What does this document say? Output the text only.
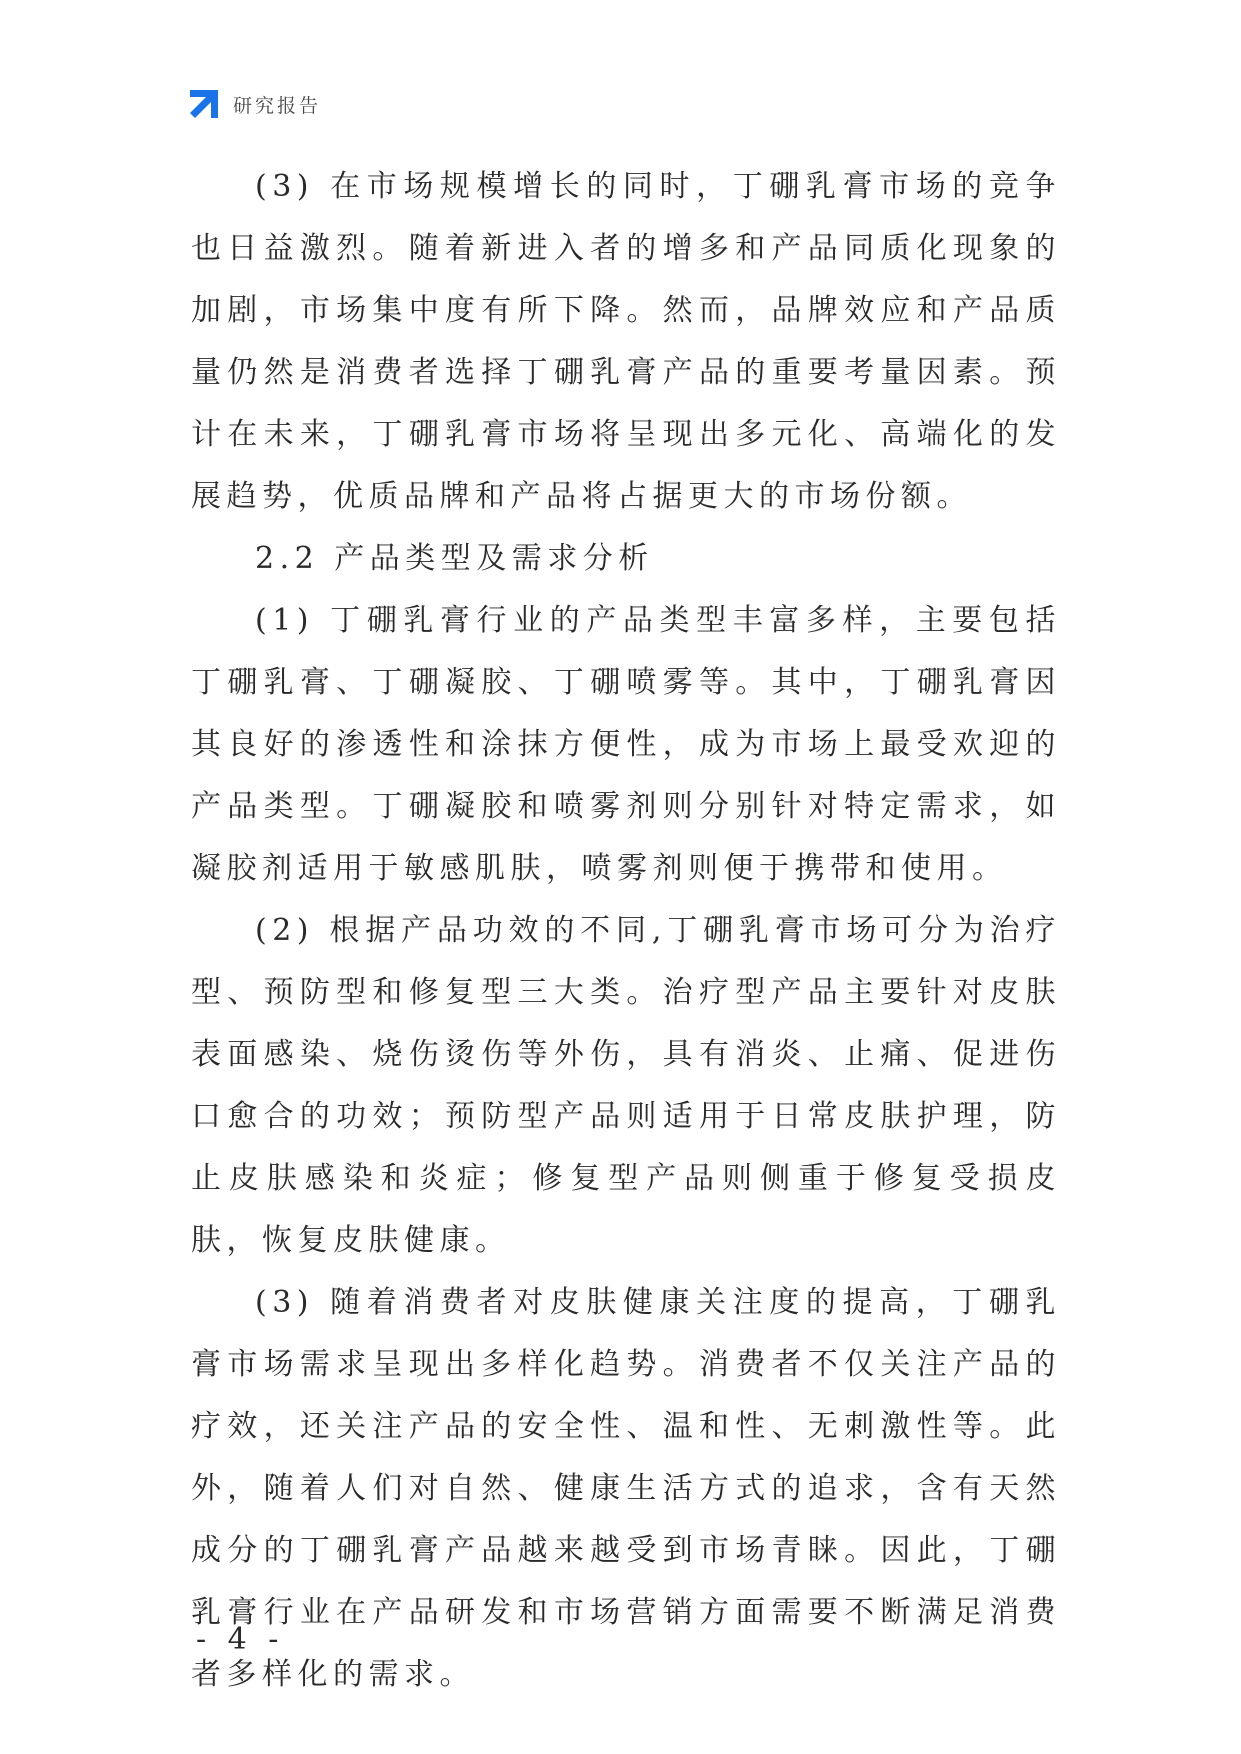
研究报告

(3) 在市场规模增长的同时，丁硼乳膏市场的竞争也日益激烈。随着新进入者的增多和产品同质化现象的加剧，市场集中度有所下降。然而，品牌效应和产品质量仍然是消费者选择丁硼乳膏产品的重要考量因素。预计在未来，丁硼乳膏市场将呈现出多元化、高端化的发展趋势，优质品牌和产品将占据更大的市场份额。

2.2 产品类型及需求分析

(1) 丁硼乳膏行业的产品类型丰富多样，主要包括丁硼乳膏、丁硼凝胶、丁硼喷雾等。其中，丁硼乳膏因其良好的渗透性和涂抹方便性，成为市场上最受欢迎的产品类型。丁硼凝胶和喷雾剂则分别针对特定需求，如凝胶剂适用于敏感肌肤，喷雾剂则便于携带和使用。

(2) 根据产品功效的不同,丁硼乳膏市场可分为治疗型、预防型和修复型三大类。治疗型产品主要针对皮肤表面感染、烧伤烫伤等外伤，具有消炎、止痛、促进伤口愈合的功效；预防型产品则适用于日常皮肤护理，防止皮肤感染和炎症；修复型产品则侧重于修复受损皮肤，恢复皮肤健康。

(3) 随着消费者对皮肤健康关注度的提高，丁硼乳膏市场需求呈现出多样化趋势。消费者不仅关注产品的疗效，还关注产品的安全性、温和性、无刺激性等。此外，随着人们对自然、健康生活方式的追求，含有天然成分的丁硼乳膏产品越来越受到市场青睐。因此，丁硼乳膏行业在产品研发和市场营销方面需要不断满足消费者多样化的需求。

- 4 -
